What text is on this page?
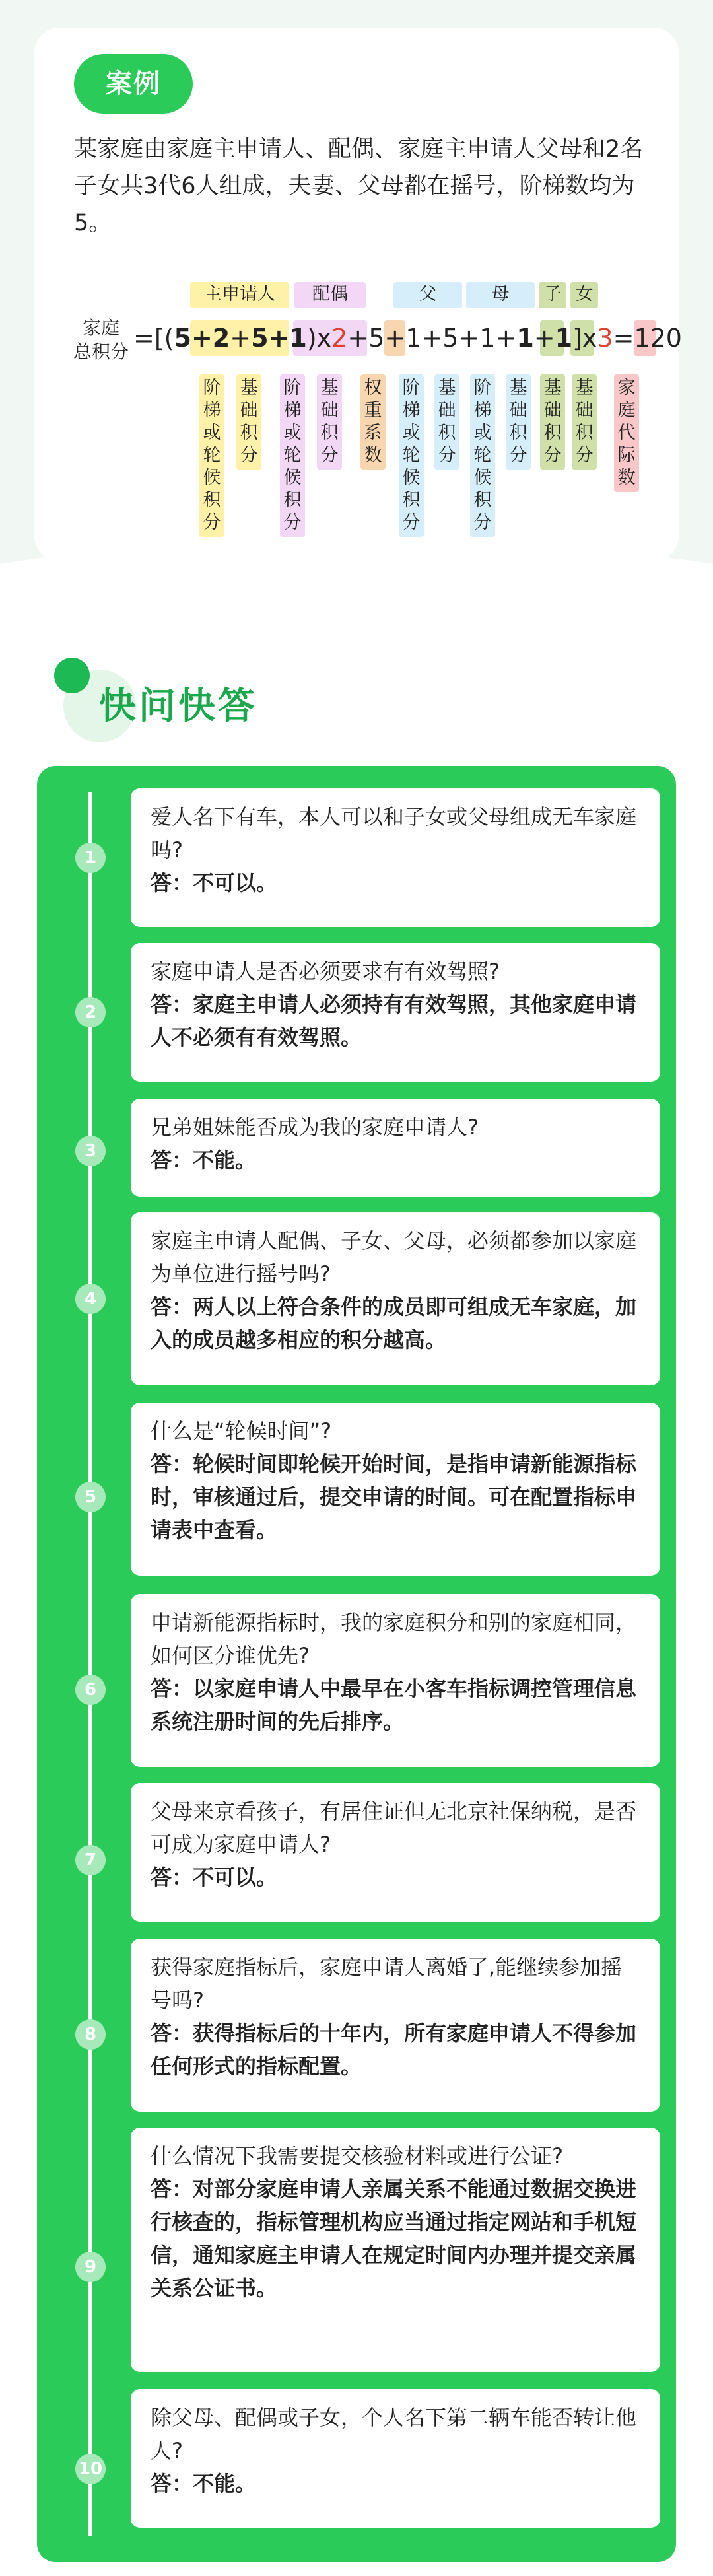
案例
某家庭由家庭主申请人、配偶、家庭主申请人父母和2名子女共3代6人组成，夫妻、父母都在摇号，阶梯数均为5。
主申请人	配偶	父	母	子 女
家庭
总积分 =[(5+2+5+1)x2+5+1+5+1+1+1]x3=120
阶梯或轮候积分
基础积分
阶梯或轮候积分
基础积分
权重系数
阶梯或轮候积分
基础积分
阶梯或轮候积分
基础积分
基础积分
基础积分
家庭代际数
快问快答
1
爱人名下有车，本人可以和子女或父母组成无车家庭吗?
答：不可以。
2
家庭申请人是否必须要求有有效驾照?
答：家庭主申请人必须持有有效驾照，其他家庭申请人不必须有有效驾照。
3
兄弟姐妹能否成为我的家庭申请人?
答：不能。
4
家庭主申请人配偶、子女、父母，必须都参加以家庭为单位进行摇号吗?
答：两人以上符合条件的成员即可组成无车家庭，加入的成员越多相应的积分越高。
5
什么是“轮候时间”?
答：轮候时间即轮候开始时间，是指申请新能源指标时，审核通过后，提交申请的时间。可在配置指标申请表中查看。
6
申请新能源指标时，我的家庭积分和别的家庭相同，如何区分谁优先?
答：以家庭申请人中最早在小客车指标调控管理信息系统注册时间的先后排序。
7
父母来京看孩子，有居住证但无北京社保纳税，是否可成为家庭申请人?
答：不可以。
8
获得家庭指标后，家庭申请人离婚了,能继续参加摇号吗?
答：获得指标后的十年内，所有家庭申请人不得参加任何形式的指标配置。
9
什么情况下我需要提交核验材料或进行公证?
答：对部分家庭申请人亲属关系不能通过数据交换进行核查的，指标管理机构应当通过指定网站和手机短信，通知家庭主申请人在规定时间内办理并提交亲属关系公证书。
10
除父母、配偶或子女，个人名下第二辆车能否转让他人?
答：不能。
